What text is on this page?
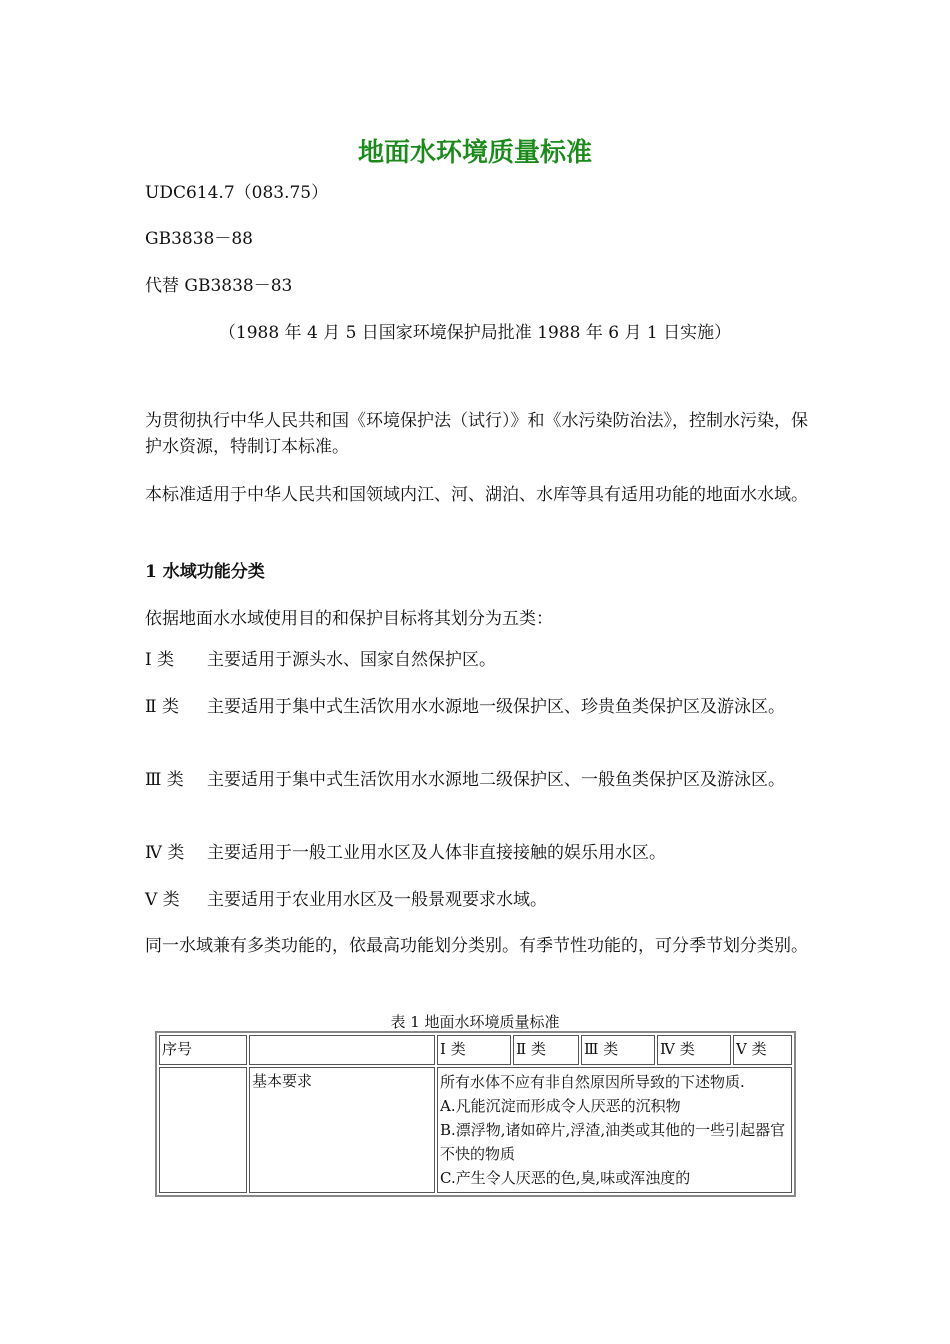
地面水环境质量标准
UDC614.7（083.75）
GB3838－88
代替 GB3838－83
（1988 年 4 月 5 日国家环境保护局批准 1988 年 6 月 1 日实施）
为贯彻执行中华人民共和国《环境保护法（试行）》和《水污染防治法》，控制水污染，保护水资源，特制订本标准。
本标准适用于中华人民共和国领域内江、河、湖泊、水库等具有适用功能的地面水水域。
1 水域功能分类
依据地面水水域使用目的和保护目标将其划分为五类：
Ⅰ 类 主要适用于源头水、国家自然保护区。
Ⅱ 类 主要适用于集中式生活饮用水水源地一级保护区、珍贵鱼类保护区及游泳区。
Ⅲ 类 主要适用于集中式生活饮用水水源地二级保护区、一般鱼类保护区及游泳区。
Ⅳ 类 主要适用于一般工业用水区及人体非直接接触的娱乐用水区。
Ⅴ 类 主要适用于农业用水区及一般景观要求水域。
同一水域兼有多类功能的，依最高功能划分类别。有季节性功能的，可分季节划分类别。
表 1 地面水环境质量标准
序号		Ⅰ 类	Ⅱ 类	Ⅲ 类	Ⅳ 类	Ⅴ 类
	基本要求	所有水体不应有非自然原因所导致的下述物质.
A.凡能沉淀而形成令人厌恶的沉积物
B.漂浮物,诸如碎片,浮渣,油类或其他的一些引起器官 不快的物质
C.产生令人厌恶的色,臭,味或浑浊度的				
